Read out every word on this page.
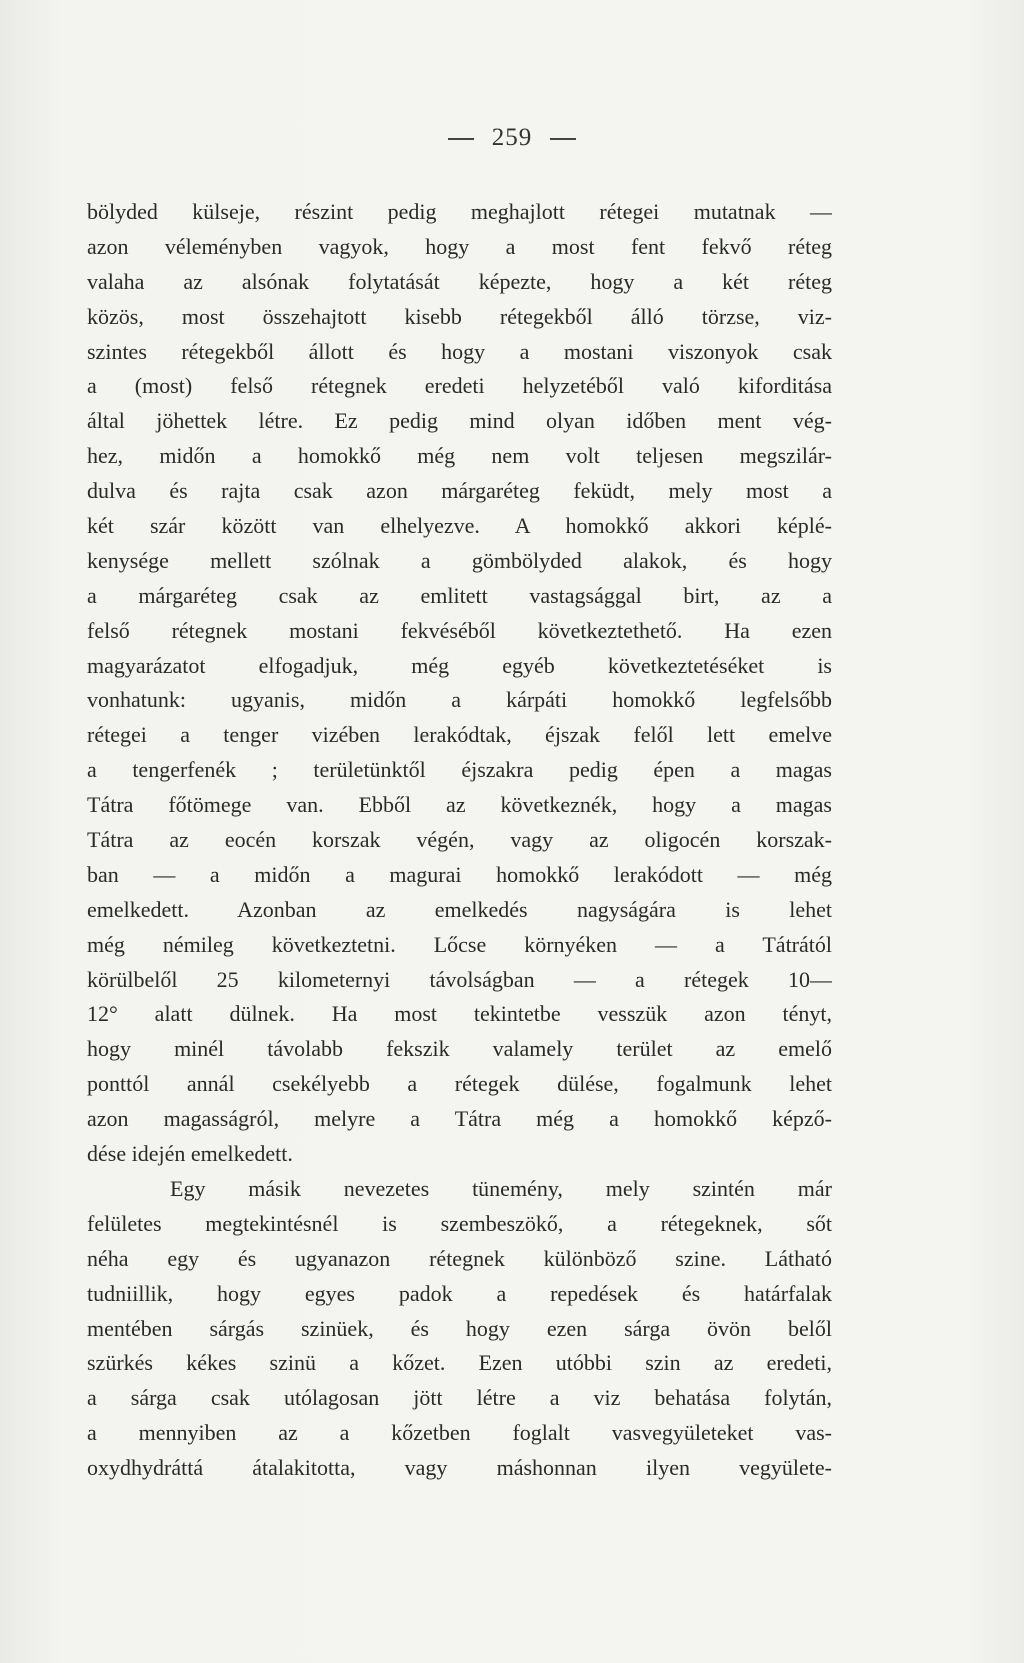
259
bölyded külseje, részint pedig meghajlott rétegei mutatnak —
azon véleményben vagyok, hogy a most fent fekvő réteg
valaha az alsónak folytatását képezte, hogy a két réteg
közös, most összehajtott kisebb rétegekből álló törzse, viz-
szintes rétegekből állott és hogy a mostani viszonyok csak
a (most) felső rétegnek eredeti helyzetéből való kiforditása
által jöhettek létre. Ez pedig mind olyan időben ment vég-
hez, midőn a homokkő még nem volt teljesen megszilár-
dulva és rajta csak azon márgaréteg feküdt, mely most a
két szár között van elhelyezve. A homokkő akkori képlé-
kenysége mellett szólnak a gömbölyded alakok, és hogy
a márgaréteg csak az emlitett vastagsággal birt, az a
felső rétegnek mostani fekvéséből következtethető. Ha ezen
magyarázatot elfogadjuk, még egyéb következtetéséket is
vonhatunk: ugyanis, midőn a kárpáti homokkő legfelsőbb
rétegei a tenger vizében lerakódtak, éjszak felől lett emelve
a tengerfenék ; területünktől éjszakra pedig épen a magas
Tátra főtömege van. Ebből az következnék, hogy a magas
Tátra az eocén korszak végén, vagy az oligocén korszak-
ban — a midőn a magurai homokkő lerakódott — még
emelkedett. Azonban az emelkedés nagyságára is lehet
még némileg következtetni. Lőcse környéken — a Tátrától
körülbelől 25 kilometernyi távolságban — a rétegek 10—
12° alatt dülnek. Ha most tekintetbe vesszük azon tényt,
hogy minél távolabb fekszik valamely terület az emelő
ponttól annál csekélyebb a rétegek dülése, fogalmunk lehet
azon magasságról, melyre a Tátra még a homokkő képző-
dése idején emelkedett.
Egy másik nevezetes tünemény, mely szintén már
felületes megtekintésnél is szembeszökő, a rétegeknek, sőt
néha egy és ugyanazon rétegnek különböző szine. Látható
tudniillik, hogy egyes padok a repedések és határfalak
mentében sárgás szinüek, és hogy ezen sárga övön belől
szürkés kékes szinü a kőzet. Ezen utóbbi szin az eredeti,
a sárga csak utólagosan jött létre a viz behatása folytán,
a mennyiben az a kőzetben foglalt vasvegyületeket vas-
oxydhydráttá átalakitotta, vagy máshonnan ilyen vegyülete-
